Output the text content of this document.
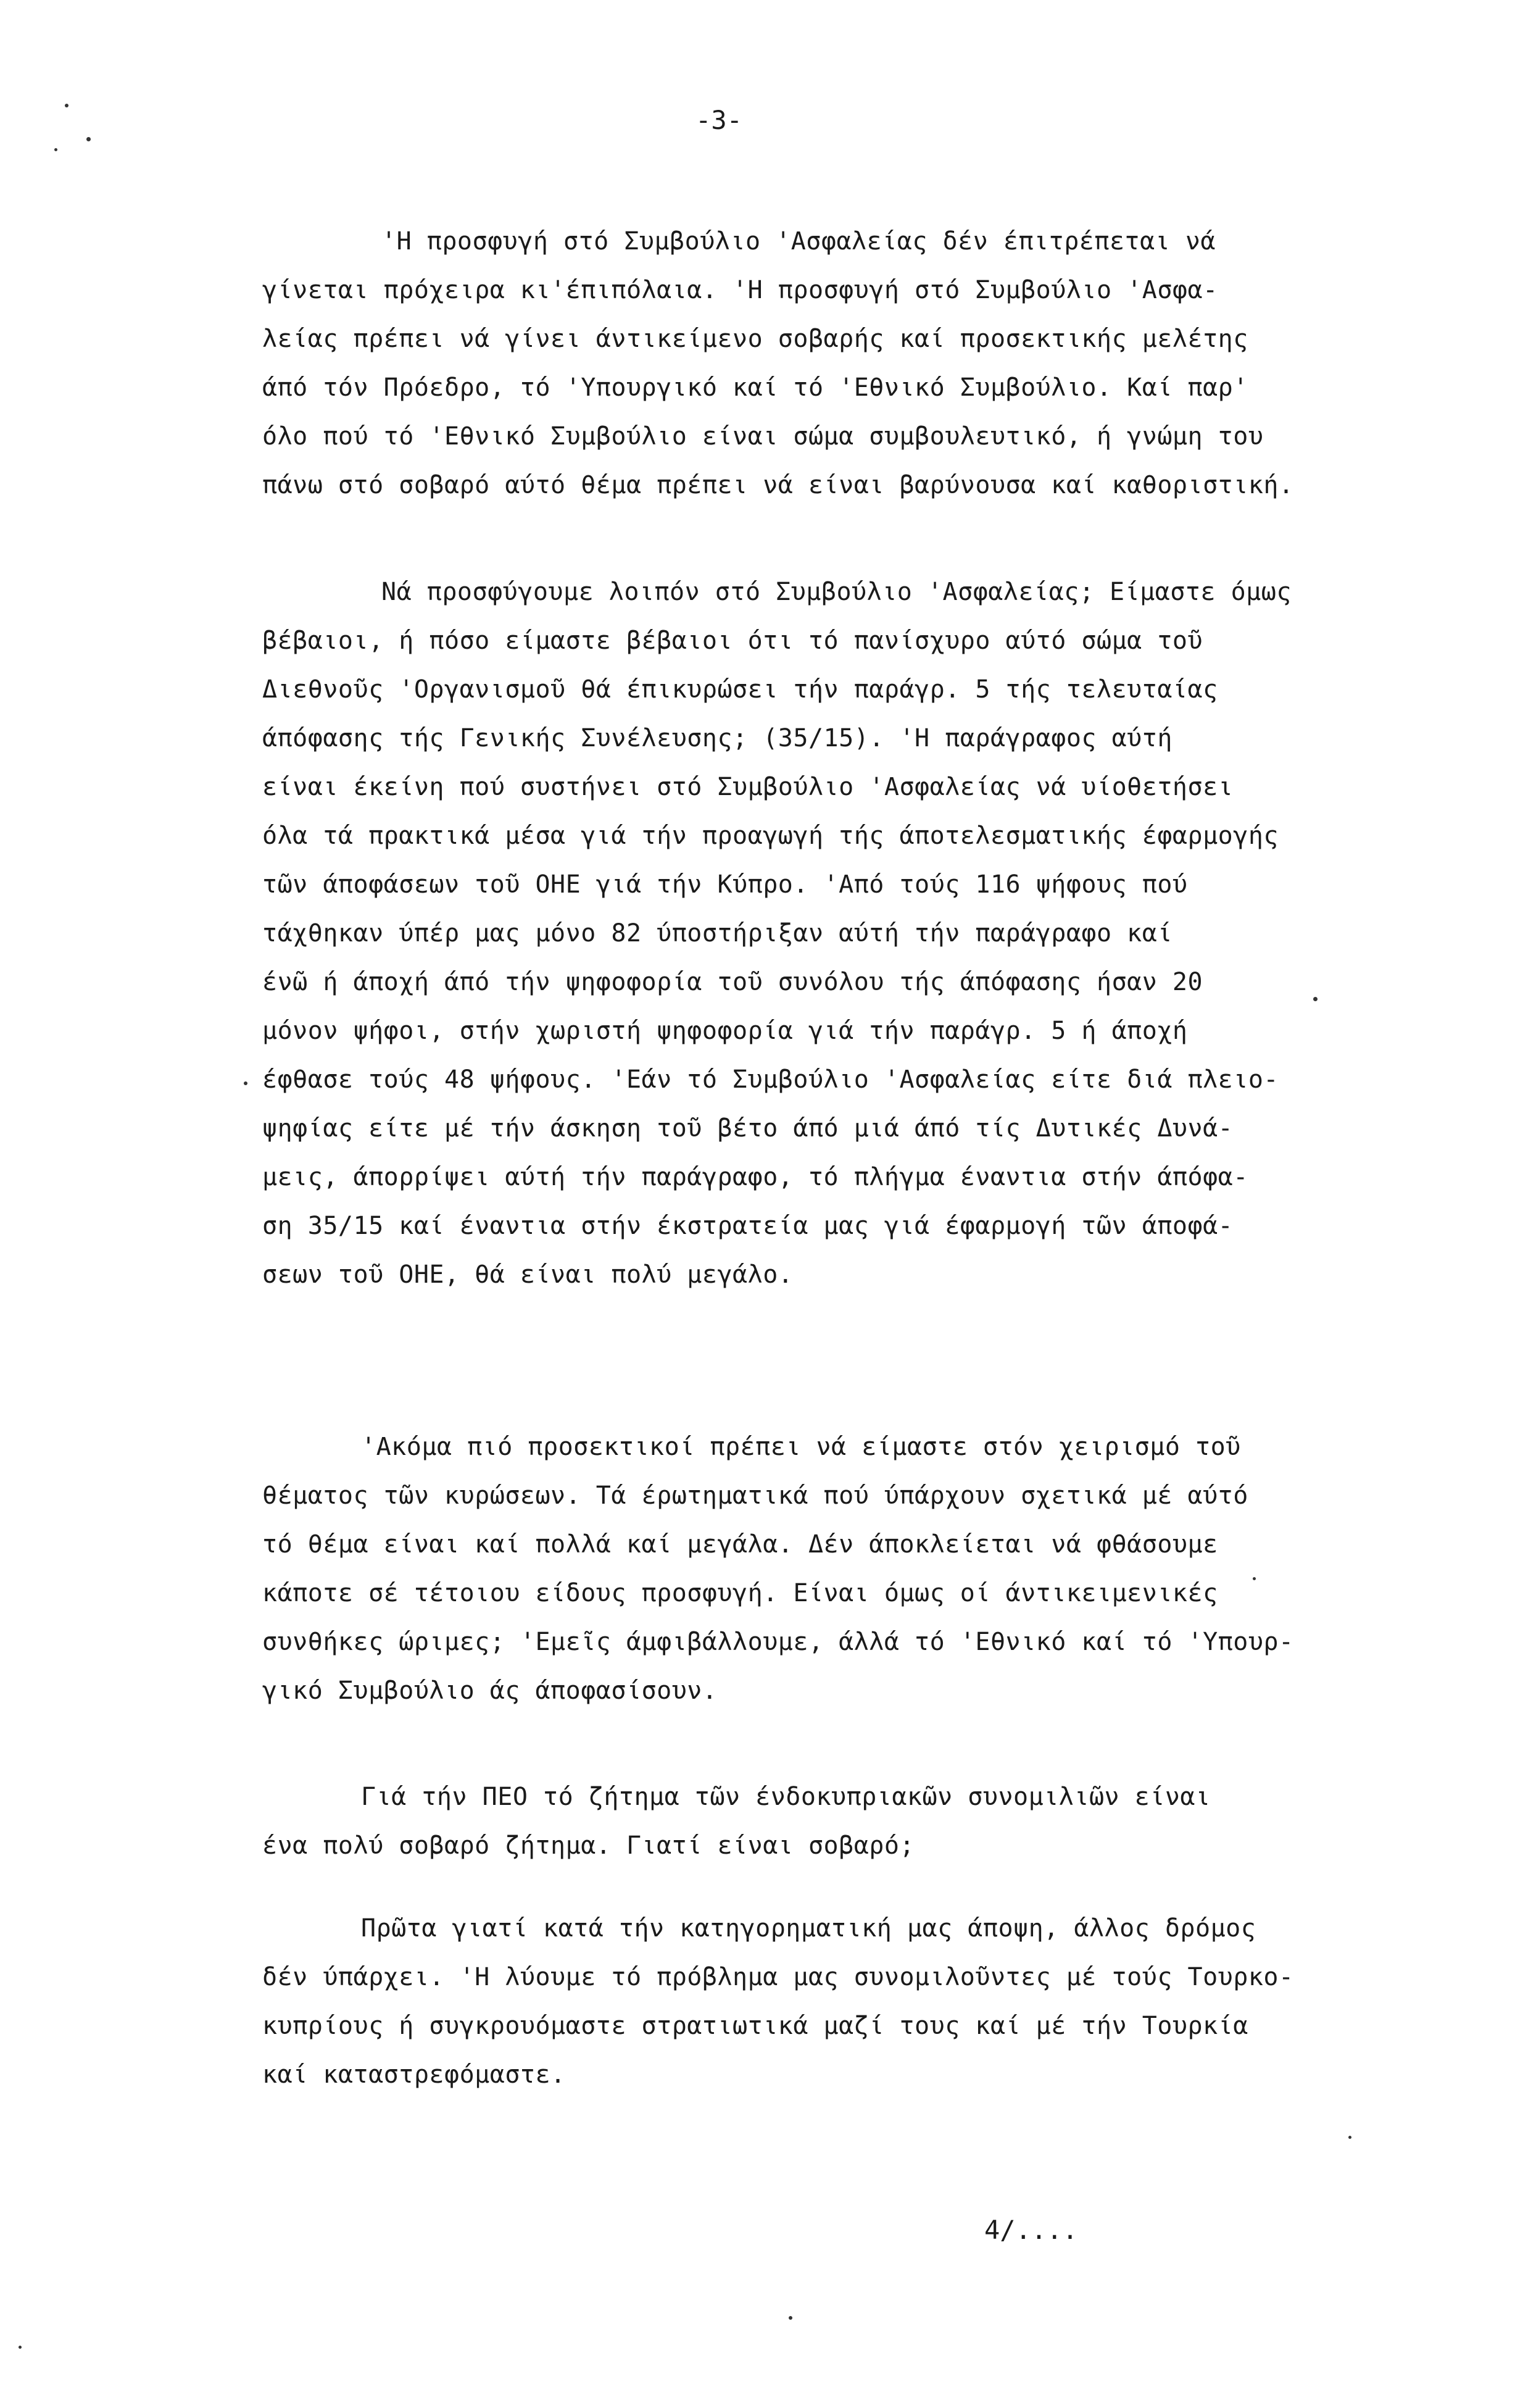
-3-
'Η προσφυγή στό Συμβούλιο 'Ασφαλείας δέν έπιτρέπεται νά
γίνεται πρόχειρα κι'έπιπόλαια. 'Η προσφυγή στό Συμβούλιο 'Ασφα-
λείας πρέπει νά γίνει άντικείμενο σοβαρής καί προσεκτικής μελέτης
άπό τόν Πρόεδρο, τό 'Υπουργικό καί τό 'Εθνικό Συμβούλιο. Καί παρ'
όλο πού τό 'Εθνικό Συμβούλιο είναι σώμα συμβουλευτικό, ή γνώμη του
πάνω στό σοβαρό αύτό θέμα πρέπει νά είναι βαρύνουσα καί καθοριστική.
Νά προσφύγουμε λοιπόν στό Συμβούλιο 'Ασφαλείας; Είμαστε όμως
βέβαιοι, ή πόσο είμαστε βέβαιοι ότι τό πανίσχυρο αύτό σώμα τοῦ
Διεθνοῦς 'Οργανισμοῦ θά έπικυρώσει τήν παράγρ. 5 τής τελευταίας
άπόφασης τής Γενικής Συνέλευσης; (35/15). 'Η παράγραφος αύτή
είναι έκείνη πού συστήνει στό Συμβούλιο 'Ασφαλείας νά υίοθετήσει
όλα τά πρακτικά μέσα γιά τήν προαγωγή τής άποτελεσματικής έφαρμογής
τῶν άποφάσεων τοῦ ΟΗΕ γιά τήν Κύπρο. 'Από τούς 116 ψήφους πού
τάχθηκαν ύπέρ μας μόνο 82 ύποστήριξαν αύτή τήν παράγραφο καί
ένῶ ή άποχή άπό τήν ψηφοφορία τοῦ συνόλου τής άπόφασης ήσαν 20
μόνον ψήφοι, στήν χωριστή ψηφοφορία γιά τήν παράγρ. 5 ή άποχή
έφθασε τούς 48 ψήφους. 'Εάν τό Συμβούλιο 'Ασφαλείας είτε διά πλειο-
ψηφίας είτε μέ τήν άσκηση τοῦ βέτο άπό μιά άπό τίς Δυτικές Δυνά-
μεις, άπορρίψει αύτή τήν παράγραφο, τό πλήγμα έναντια στήν άπόφα-
ση 35/15 καί έναντια στήν έκστρατεία μας γιά έφαρμογή τῶν άποφά-
σεων τοῦ ΟΗΕ, θά είναι πολύ μεγάλο.
'Ακόμα πιό προσεκτικοί πρέπει νά είμαστε στόν χειρισμό τοῦ
θέματος τῶν κυρώσεων. Τά έρωτηματικά πού ύπάρχουν σχετικά μέ αύτό
τό θέμα είναι καί πολλά καί μεγάλα. Δέν άποκλείεται νά φθάσουμε
κάποτε σέ τέτοιου είδους προσφυγή. Είναι όμως οί άντικειμενικές
συνθήκες ώριμες; 'Εμεῖς άμφιβάλλουμε, άλλά τό 'Εθνικό καί τό 'Υπουρ-
γικό Συμβούλιο άς άποφασίσουν.
Γιά τήν ΠΕΟ τό ζήτημα τῶν ένδοκυπριακῶν συνομιλιῶν είναι
ένα πολύ σοβαρό ζήτημα. Γιατί είναι σοβαρό;
Πρῶτα γιατί κατά τήν κατηγορηματική μας άποψη, άλλος δρόμος
δέν ύπάρχει. 'Η λύουμε τό πρόβλημα μας συνομιλοῦντες μέ τούς Τουρκο-
κυπρίους ή συγκρουόμαστε στρατιωτικά μαζί τους καί μέ τήν Τουρκία
καί καταστρεφόμαστε.
4/....
